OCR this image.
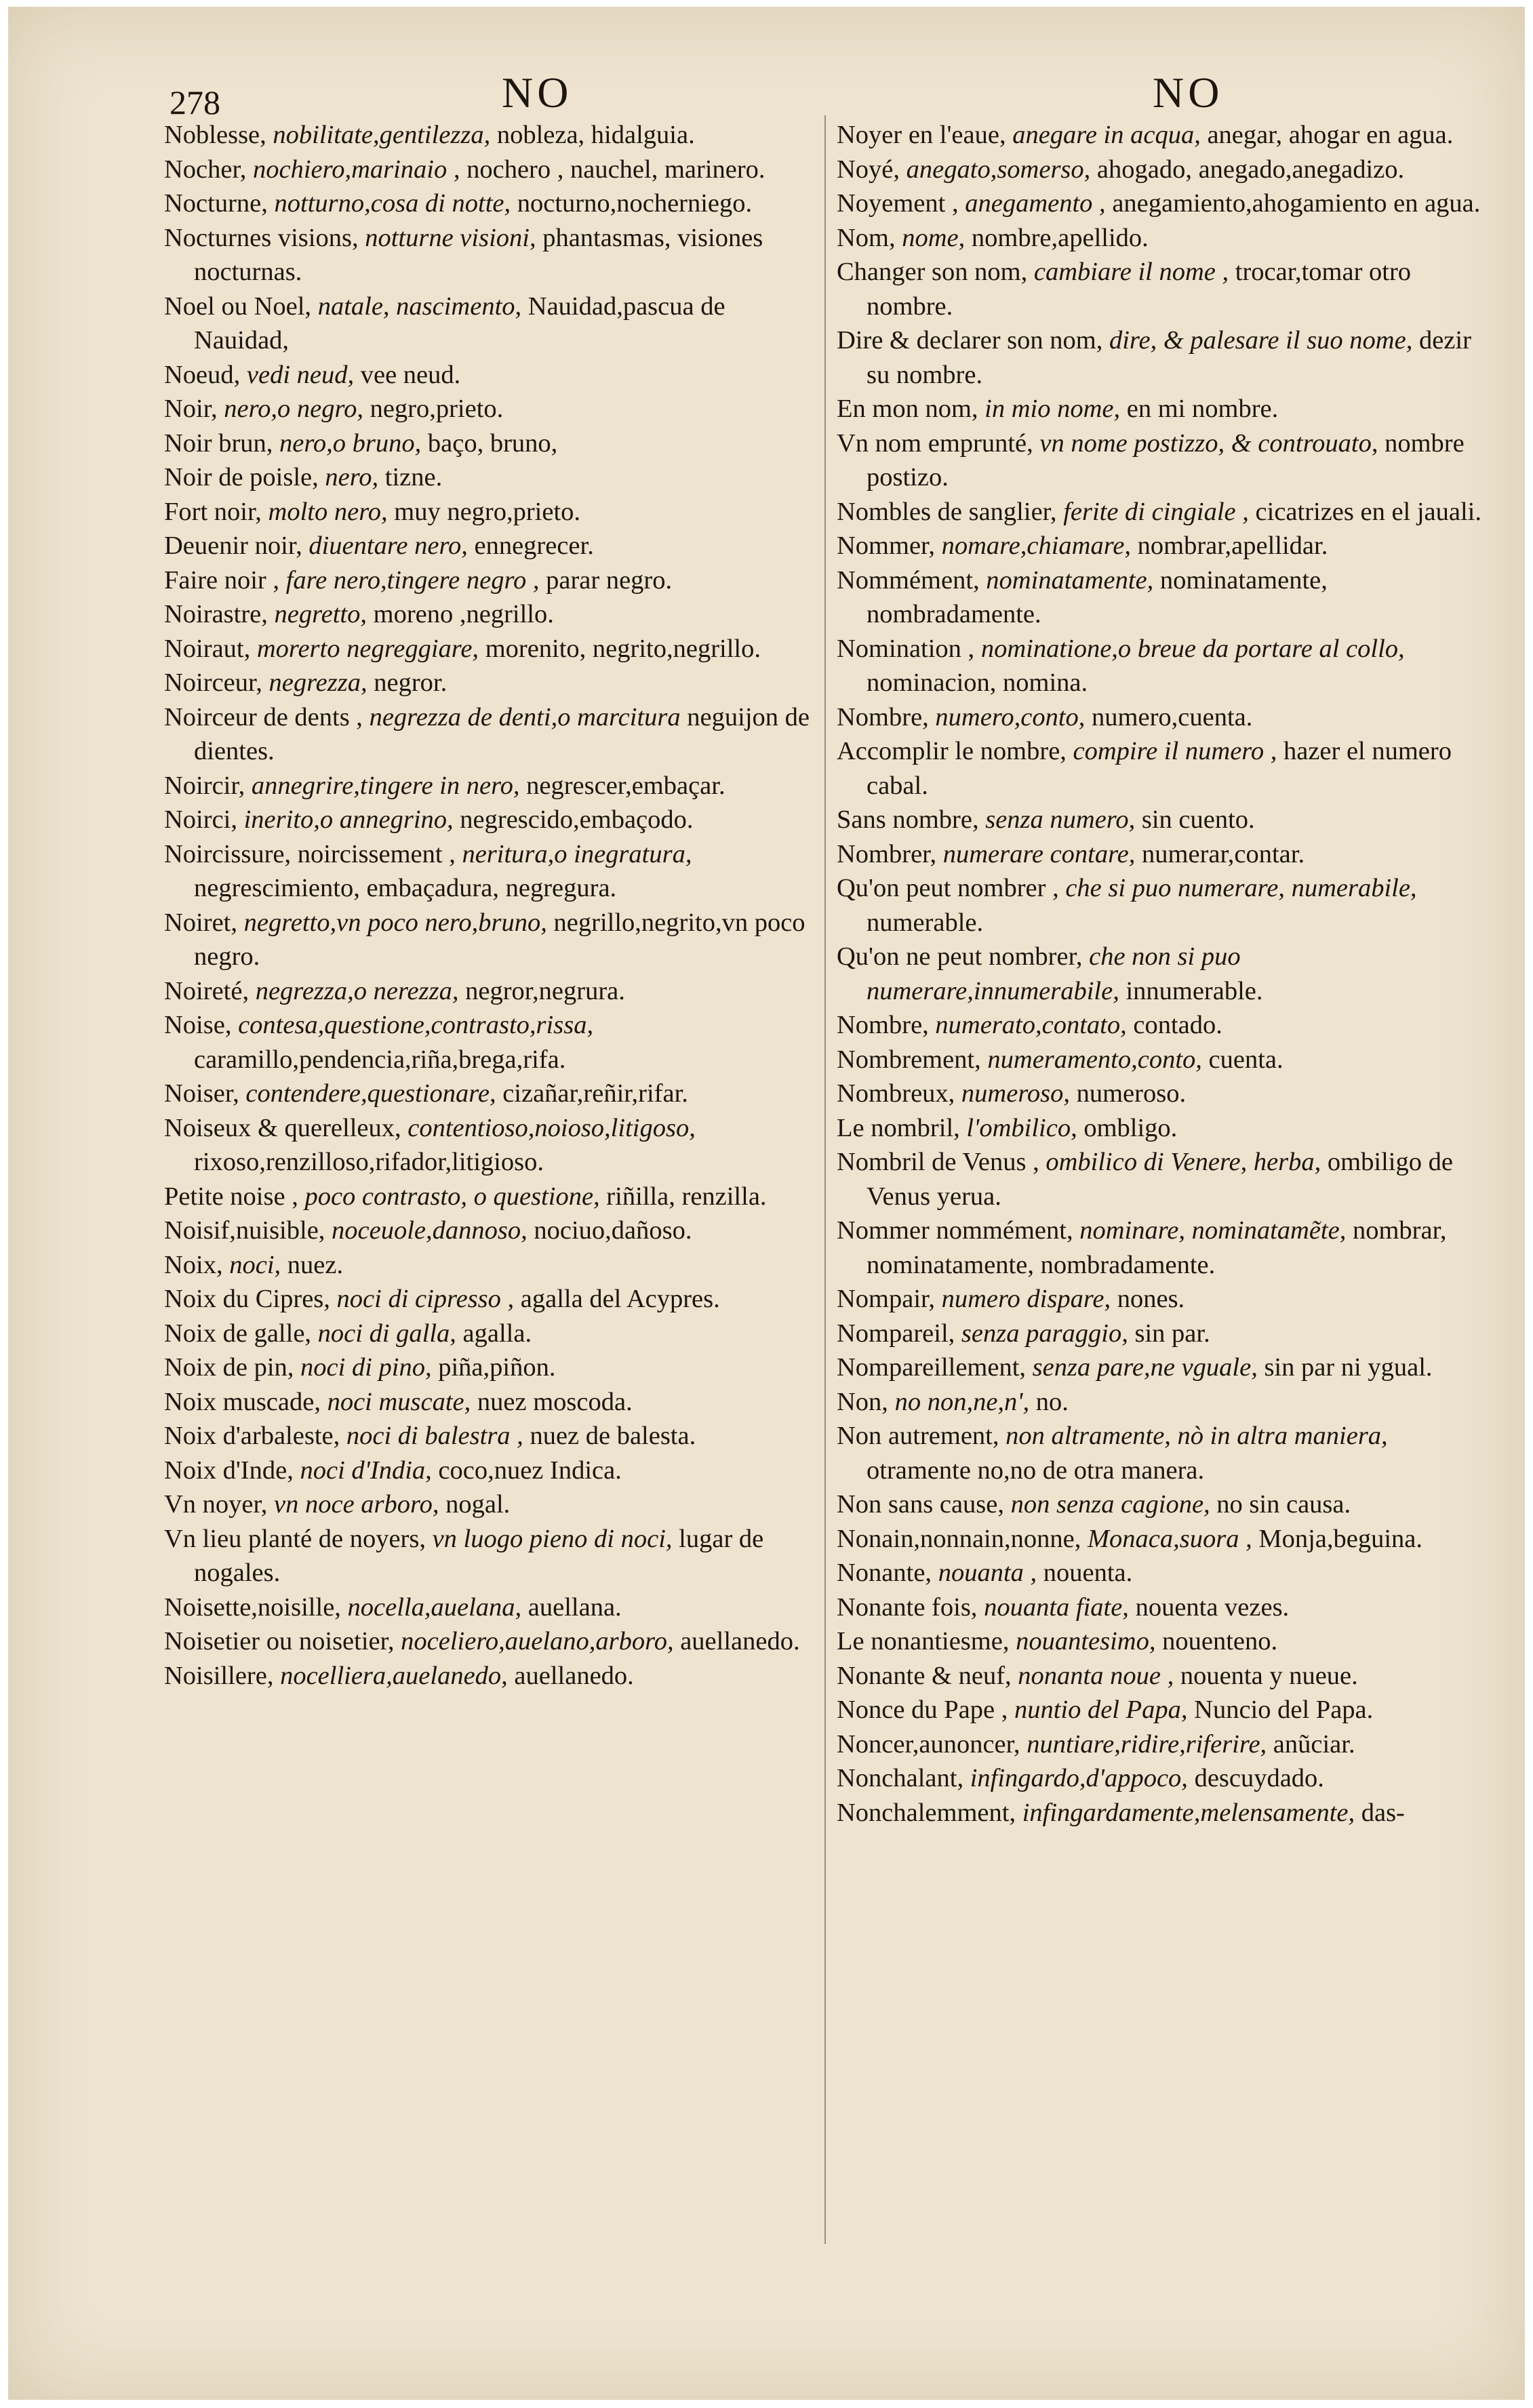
278	NO	NO

Noblesse, nobilitate,gentilezza, nobleza, hidalguia.

Nocher, nochiero,marinaio , nochero , nauchel, marinero.

Nocturne, notturno,cosa di notte, nocturno,nocherniego.

Nocturnes visions, notturne visioni, phantasmas, visiones nocturnas.

Noel ou Noel, natale, nascimento, Nauidad,pascua de Nauidad,

Noeud, vedi neud, vee neud.

Noir, nero,o negro, negro,prieto.

Noir brun, nero,o bruno, baço, bruno,

Noir de poisle, nero, tizne.

Fort noir, molto nero, muy negro,prieto.

Deuenir noir, diuentare nero, ennegrecer.

Faire noir , fare nero,tingere negro , parar negro.

Noirastre, negretto, moreno ,negrillo.

Noiraut, morerto negreggiare, morenito, negrito,negrillo.

Noirceur, negrezza, negror.

Noirceur de dents , negrezza de denti,o marcitura neguijon de dientes.

Noircir, annegrire,tingere in nero, negrescer,embaçar.

Noirci, inerito,o annegrino, negrescido,embaçodo.

Noircissure, noircissement , neritura,o inegratura, negrescimiento, embaçadura, negregura.

Noiret, negretto,vn poco nero,bruno, negrillo,negrito,vn poco negro.

Noireté, negrezza,o nerezza, negror,negrura.

Noise, contesa,questione,contrasto,rissa, caramillo,pendencia,riña,brega,rifa.

Noiser, contendere,questionare, cizañar,reñir,rifar.

Noiseux & querelleux, contentioso,noioso,litigoso, rixoso,renzilloso,rifador,litigioso.

Petite noise , poco contrasto, o questione, riñilla, renzilla.

Noisif,nuisible, noceuole,dannoso, nociuo,dañoso.

Noix, noci, nuez.

Noix du Cipres, noci di cipresso , agalla del Acypres.

Noix de galle, noci di galla, agalla.

Noix de pin, noci di pino, piña,piñon.

Noix muscade, noci muscate, nuez moscoda.

Noix d'arbaleste, noci di balestra , nuez de balesta.

Noix d'Inde, noci d'India, coco,nuez Indica.

Vn noyer, vn noce arboro, nogal.

Vn lieu planté de noyers, vn luogo pieno di noci, lugar de nogales.

Noisette,noisille, nocella,auelana, auellana.

Noisetier ou noisetier, noceliero,auelano,arboro, auellanedo.

Noisillere, nocelliera,auelanedo, auellanedo.

Noyer en l'eaue, anegare in acqua, anegar, ahogar en agua.

Noyé, anegato,somerso, ahogado, anegado,anegadizo.

Noyement , anegamento , anegamiento,ahogamiento en agua.

Nom, nome, nombre,apellido.

Changer son nom, cambiare il nome , trocar,tomar otro nombre.

Dire & declarer son nom, dire, & palesare il suo nome, dezir su nombre.

En mon nom, in mio nome, en mi nombre.

Vn nom emprunté, vn nome postizzo, & controuato, nombre postizo.

Nombles de sanglier, ferite di cingiale , cicatrizes en el jauali.

Nommer, nomare,chiamare, nombrar,apellidar.

Nommément, nominatamente, nominatamente, nombradamente.

Nomination , nominatione,o breue da portare al collo, nominacion, nomina.

Nombre, numero,conto, numero,cuenta.

Accomplir le nombre, compire il numero , hazer el numero cabal.

Sans nombre, senza numero, sin cuento.

Nombrer, numerare contare, numerar,contar.

Qu'on peut nombrer , che si puo numerare, numerabile, numerable.

Qu'on ne peut nombrer, che non si puo numerare,innumerabile, innumerable.

Nombre, numerato,contato, contado.

Nombrement, numeramento,conto, cuenta.

Nombreux, numeroso, numeroso.

Le nombril, l'ombilico, ombligo.

Nombril de Venus , ombilico di Venere, herba, ombiligo de Venus yerua.

Nommer nommément, nominare, nominatamẽte, nombrar, nominatamente, nombradamente.

Nompair, numero dispare, nones.

Nompareil, senza paraggio, sin par.

Nompareillement, senza pare,ne vguale, sin par ni ygual.

Non, no non,ne,n', no.

Non autrement, non altramente, nò in altra maniera, otramente no,no de otra manera.

Non sans cause, non senza cagione, no sin causa.

Nonain,nonnain,nonne, Monaca,suora , Monja,beguina.

Nonante, nouanta , nouenta.

Nonante fois, nouanta fiate, nouenta vezes.

Le nonantiesme, nouantesimo, nouenteno.

Nonante & neuf, nonanta noue , nouenta y nueue.

Nonce du Pape , nuntio del Papa, Nuncio del Papa.

Noncer,aunoncer, nuntiare,ridire,riferire, anũciar.

Nonchalant, infingardo,d'appoco, descuydado.

Nonchalemment, infingardamente,melensamente, das-
